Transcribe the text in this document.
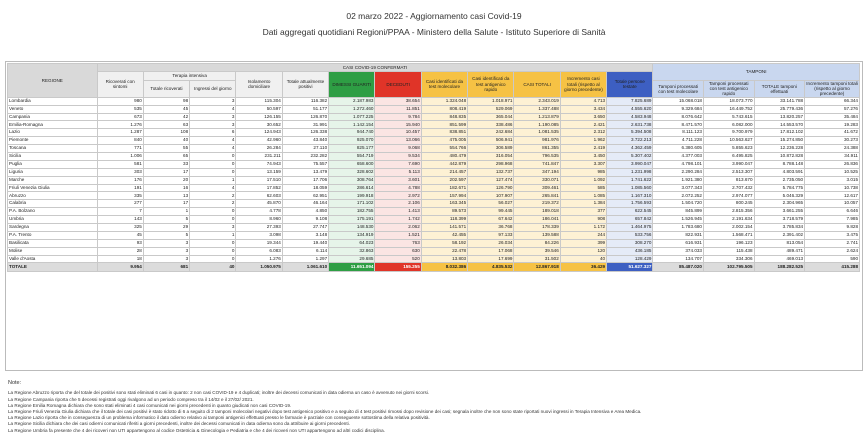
02 marzo 2022 - Aggiornamento casi Covid-19
Dati aggregati quotidiani Regioni/PPAA - Ministero della Salute - Istituto Superiore di Sanità
REGIONE	CASI COVID-19 CONFERMATI												TAMPONI			
	Ricoverati con sintomi	Terapia intensiva		Isolamento domiciliare	Totale attualmente positivi	DIMESSI GUARITI	DECEDUTI	Casi identificati da test molecolare	Casi identificati da test antigenico rapido	CASI TOTALI	Incremento casi totali (rispetto al giorno precedente)	Totale persone testate				
		Totale ricoverati	Ingressi del giorno										Tamponi processati con test molecolare	Tamponi processati con test antigenico rapido	TOTALE tamponi effettuati	Incremento tamponi totali (rispetto al giorno precedente)
Lombardia	980	98	3	115.304	116.382	2.187.983	38.654	1.324.048	1.018.971	2.343.019	4.713	7.825.689	15.068.018	18.073.770	33.141.788	66.344
Veneto	535	45	4	50.597	51.177	1.272.460	11.851	808.419	529.069	1.337.488	3.434	4.555.620	9.329.684	16.449.752	25.779.436	57.276
Campania	673	42	3	126.155	126.870	1.077.225	9.784	848.835	365.044	1.213.879	3.650	4.583.948	8.076.642	5.743.615	13.820.257	35.484
Emilia-Romagna	1.276	63	3	30.652	31.991	1.142.154	15.940	851.599	338.486	1.190.085	2.421	2.631.738	8.471.570	6.082.000	14.553.570	19.283
Lazio	1.287	108	6	124.943	126.338	944.740	10.457	838.851	242.684	1.081.535	2.312	5.394.508	8.111.123	9.700.979	17.812.102	41.672
Piemonte	840	40	4	42.960	43.840	925.070	13.066	475.005	506.941	981.976	1.962	3.722.213	4.711.228	10.563.627	15.274.850	30.273
Toscana	771	55	4	26.284	27.110	825.177	9.068	554.766	306.589	861.355	2.419	4.362.459	6.380.605	5.855.623	12.236.228	24.388
Sicilia	1.006	65	0	231.211	232.282	554.719	9.534	480.479	316.054	796.535	3.450	5.307.402	4.377.003	6.495.825	10.872.828	34.911
Puglia	581	33	0	74.943	75.557	658.600	7.690	442.879	298.968	741.847	3.307	3.990.047	4.798.101	3.990.047	8.788.148	26.836
Liguria	303	17	0	13.159	13.479	328.602	5.113	214.457	132.737	347.194	985	1.231.998	2.290.284	2.513.307	4.803.591	10.525
Marche	176	20	1	17.510	17.706	308.764	3.601	202.597	127.474	330.071	1.092	1.741.622	1.921.380	813.670	2.735.050	3.015
Friuli Venezia Giulia	191	16	4	17.852	18.059	286.614	4.788	182.671	126.790	309.461	585	1.085.560	3.077.343	2.707.432	5.784.775	10.738
Abruzzo	335	13	2	62.603	62.951	199.918	2.972	157.994	107.907	265.841	1.085	1.167.310	2.072.252	2.974.077	5.046.329	12.617
Calabria	277	17	2	45.870	46.164	171.102	2.106	163.345	56.027	219.372	1.384	1.756.593	1.504.720	800.245	2.304.965	10.057
P.A. Bolzano	7	1	0	4.778	4.850	182.755	1.413	89.573	99.445	189.018	377	622.545	845.899	2.815.356	3.661.255	6.646
Umbria	143	5	0	8.960	9.108	175.191	1.742	118.399	67.642	186.041	908	657.842	1.526.945	2.191.634	3.718.579	7.985
Sardegna	325	29	3	27.393	27.747	148.530	2.062	141.571	36.768	178.339	1.172	1.464.975	1.783.680	2.002.154	3.785.834	9.828
P.A. Trento	45	5	1	3.098	3.148	134.919	1.521	42.455	97.133	139.588	244	533.756	822.931	1.568.471	2.391.402	3.475
Basilicata	93	3	0	19.344	19.440	64.023	763	58.192	26.034	84.226	399	308.270	616.931	196.123	813.054	2.741
Molise	28	3	0	6.083	6.114	32.863	630	22.478	17.068	39.546	120	436.185	374.033	115.438	489.471	2.624
Valle d'Aosta	18	3	0	1.276	1.297	29.685	520	13.803	17.699	31.502	40	128.429	134.707	334.306	469.013	590
TOTALE	9.954	681	40	1.050.975	1.061.610	11.651.094	155.255	8.032.386	4.835.532	12.867.918	36.429	51.627.327	85.487.020	102.795.505	188.282.525	415.288
Note:
La Regione Abruzzo riporta che del totale dei positivi sono stati eliminati 6 casi in quanto: 2 non casi COVID-19 e 4 duplicati; inoltre dei decessi comunicati in data odierna un caso è avvenuto nei giorni scorsi.
La Regione Campania riporta che 5 decessi registrati oggi rivalgono ad un periodo compreso tra il 14/02 e il 27/02/ 2021.
La Regione Emilia Romagna dichiara che sono stati eliminati 4 casi comunicati nei giorni precedenti in quanto giudicati non casi COVID-19.
La Regione Friuli Venezia Giulia dichiara che il totale dei casi positivi è stato ridotto di 6 a seguito di 2 tamponi molecolari negativi dopo test antigenico positivo e a seguito di 4 test positivi rimossi dopo revisione dei casi; segnala inoltre che non sono state riportati nuovi ingressi in Terapia Intensiva e Area Medica.
La Regione Lazio riporta che in conseguenza di un problema informatico il dato odierno relativo ai tamponi antigenici effettuati presso le farmacie è parziale con conseguente sottostima della relativa positività.
La Regione Sicilia dichiara che dei casi odierni comunicati riferiti a giorni precedenti, inoltre dei decessi comunicati in data odierna sono da attribuire ai giorni precedenti.
La Regione Umbria fa presente che 4 dei ricoveri non UTI appartengono al codice Ostetricia & Ginecologia e Pediatria e che 4 dei ricoveri non UTI appartengono ad altri codici disciplina.
